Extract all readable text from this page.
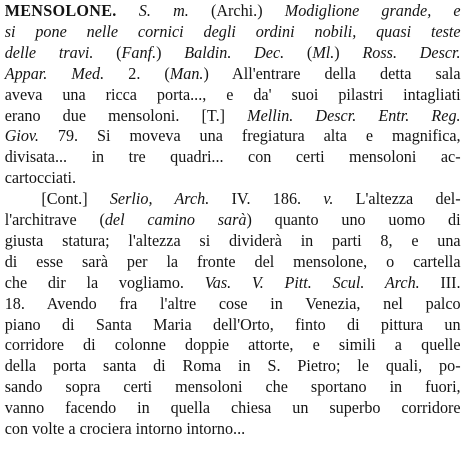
MENSOLONE. S. m. (Archi.) Modiglione grande, e
si pone nelle cornici degli ordini nobili, quasi teste
delle travi. (Fanf.) Baldin. Dec. (Ml.) Ross. Descr.
Appar. Med. 2. (Man.) All'entrare della detta sala
aveva una ricca porta..., e da' suoi pilastri intagliati
erano due mensoloni. [T.] Mellin. Descr. Entr. Reg.
Giov. 79. Si moveva una fregiatura alta e magnifica,
divisata... in tre quadri... con certi mensoloni ac-
cartocciati.
[Cont.] Serlio, Arch. IV. 186. v. L'altezza del-
l'architrave (del camino sarà) quanto uno uomo di
giusta statura; l'altezza si dividerà in parti 8, e una
di esse sarà per la fronte del mensolone, o cartella
che dir la vogliamo. Vas. V. Pitt. Scul. Arch. III.
18. Avendo fra l'altre cose in Venezia, nel palco
piano di Santa Maria dell'Orto, finto di pittura un
corridore di colonne doppie attorte, e simili a quelle
della porta santa di Roma in S. Pietro; le quali, po-
sando sopra certi mensoloni che sportano in fuori,
vanno facendo in quella chiesa un superbo corridore
con volte a crociera intorno intorno...
